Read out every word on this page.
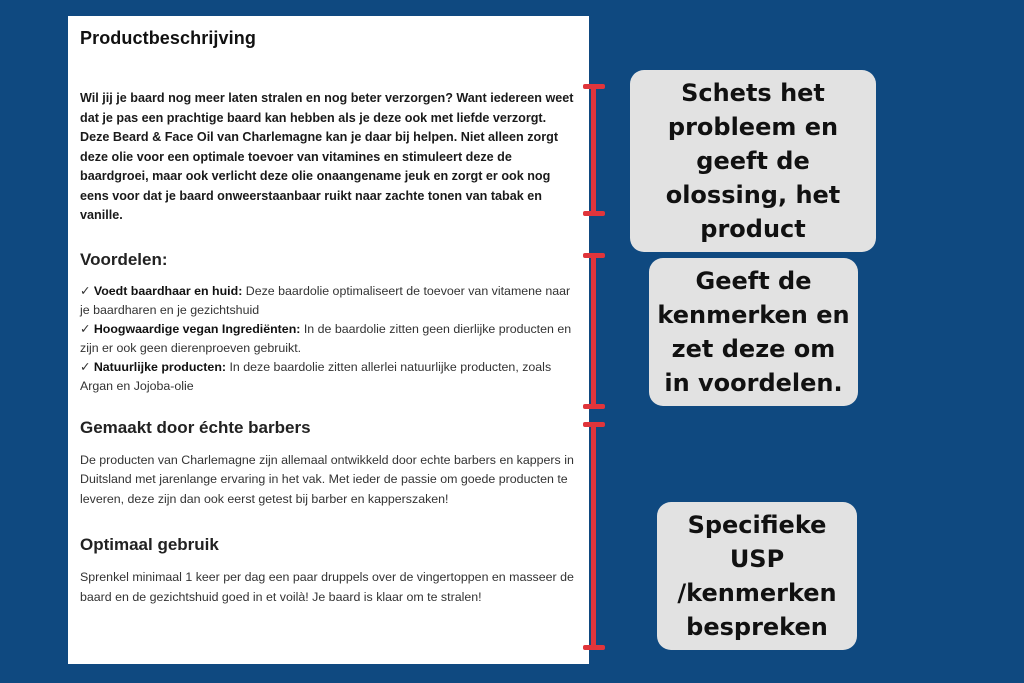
Productbeschrijving

Wil jij je baard nog meer laten stralen en nog beter verzorgen? Want iedereen weet dat je pas een prachtige baard kan hebben als je deze ook met liefde verzorgt. Deze Beard & Face Oil van Charlemagne kan je daar bij helpen. Niet alleen zorgt deze olie voor een optimale toevoer van vitamines en stimuleert deze de baardgroei, maar ook verlicht deze olie onaangename jeuk en zorgt er ook nog eens voor dat je baard onweerstaanbaar ruikt naar zachte tonen van tabak en vanille.

Voordelen:
✓ Voedt baardhaar en huid: Deze baardolie optimaliseert de toevoer van vitamene naar je baardharen en je gezichtshuid
✓ Hoogwaardige vegan Ingrediënten: In de baardolie zitten geen dierlijke producten en zijn er ook geen dierenproeven gebruikt.
✓ Natuurlijke producten: In deze baardolie zitten allerlei natuurlijke producten, zoals Argan en Jojoba-olie
Gemaakt door échte barbers

De producten van Charlemagne zijn allemaal ontwikkeld door echte barbers en kappers in Duitsland met jarenlange ervaring in het vak. Met ieder de passie om goede producten te leveren, deze zijn dan ook eerst getest bij barber en kapperszaken!

Optimaal gebruik

Sprenkel minimaal 1 keer per dag een paar druppels over de vingertoppen en masseer de baard en de gezichtshuid goed in et voilà! Je baard is klaar om te stralen!

Schets het probleem en geeft de olossing, het product
Geeft de kenmerken en zet deze om in voordelen.
Specifieke USP /kenmerken bespreken
